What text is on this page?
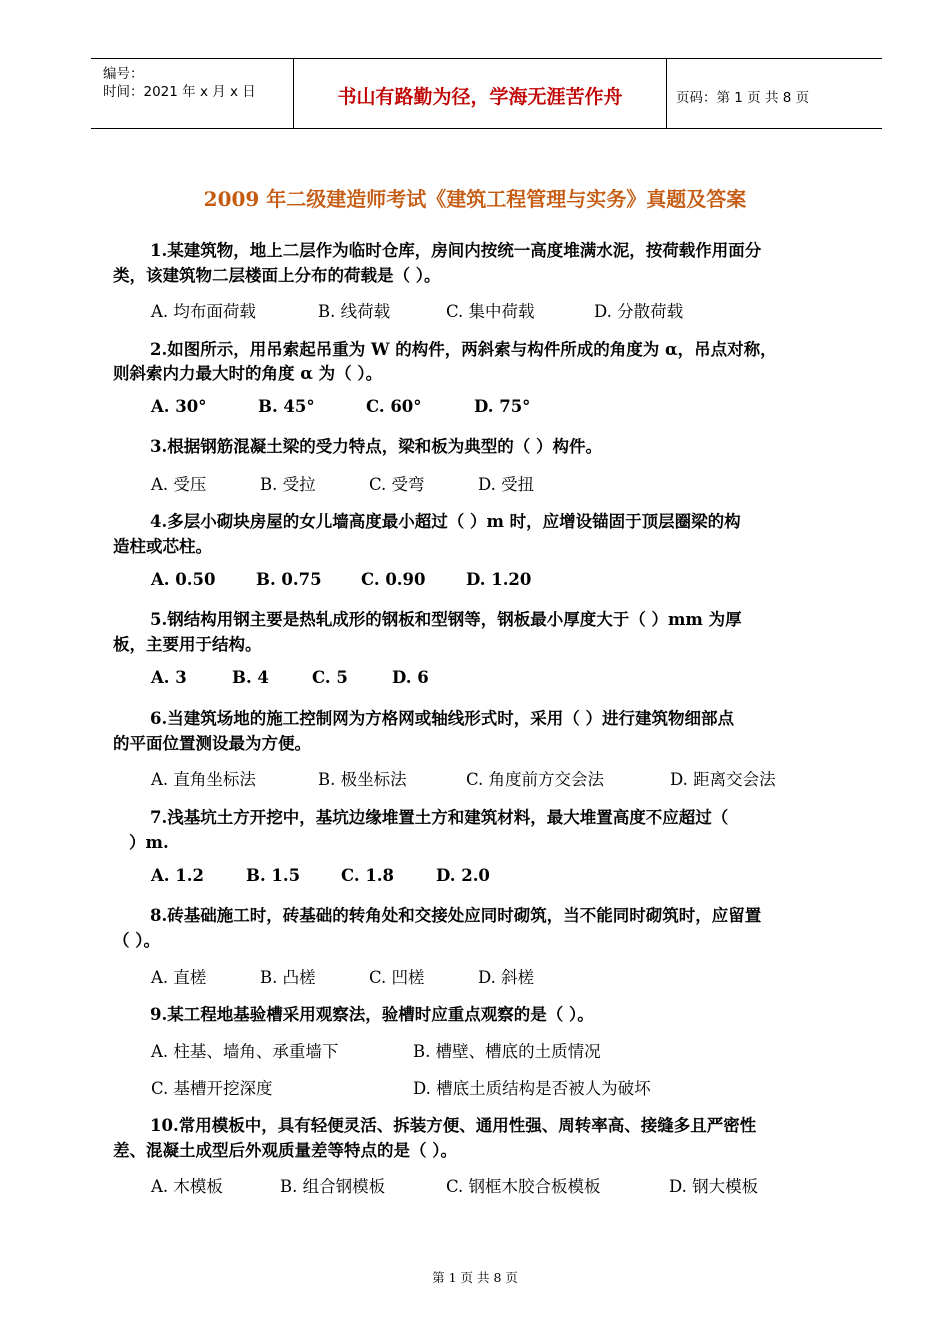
编号：
时间：2021 年 x 月 x 日	书山有路勤为径，学海无涯苦作舟	页码：第 1 页 共 8 页
2009 年二级建造师考试《建筑工程管理与实务》真题及答案
1.某建筑物，地上二层作为临时仓库，房间内按统一高度堆满水泥，按荷载作用面分
类，该建筑物二层楼面上分布的荷载是（ ）。
A. 均布面荷载	B. 线荷载	C. 集中荷载	D. 分散荷载
2.如图所示，用吊索起吊重为 W 的构件，两斜索与构件所成的角度为 α，吊点对称，
则斜索内力最大时的角度 α 为（ ）。
A. 30°	B. 45°	C. 60°	D. 75°
3.根据钢筋混凝土梁的受力特点，梁和板为典型的（ ）构件。
A. 受压	B. 受拉	C. 受弯	D. 受扭
4.多层小砌块房屋的女儿墙高度最小超过（ ）m 时，应增设锚固于顶层圈梁的构
造柱或芯柱。
A. 0.50 B. 0.75 C. 0.90 D. 1.20
5.钢结构用钢主要是热轧成形的钢板和型钢等，钢板最小厚度大于（ ）mm 为厚
板，主要用于结构。
A. 3	B. 4	C. 5	D. 6
6.当建筑场地的施工控制网为方格网或轴线形式时，采用（ ）进行建筑物细部点
的平面位置测设最为方便。
A. 直角坐标法	B. 极坐标法	C. 角度前方交会法	D. 距离交会法
7.浅基坑土方开挖中，基坑边缘堆置土方和建筑材料，最大堆置高度不应超过（
）m.
A. 1.2	B. 1.5 C. 1.8	D. 2.0
8.砖基础施工时，砖基础的转角处和交接处应同时砌筑，当不能同时砌筑时，应留置
（ ）。
A. 直槎	B. 凸槎	C. 凹槎	D. 斜槎
9.某工程地基验槽采用观察法，验槽时应重点观察的是（ ）。
A. 柱基、墙角、承重墙下	B. 槽壁、槽底的土质情况
C. 基槽开挖深度	D. 槽底土质结构是否被人为破坏
10.常用模板中，具有轻便灵活、拆装方便、通用性强、周转率高、接缝多且严密性
差、混凝土成型后外观质量差等特点的是（ ）。
A. 木模板	B. 组合钢模板	C. 钢框木胶合板模板	D. 钢大模板
第 1 页 共 8 页
